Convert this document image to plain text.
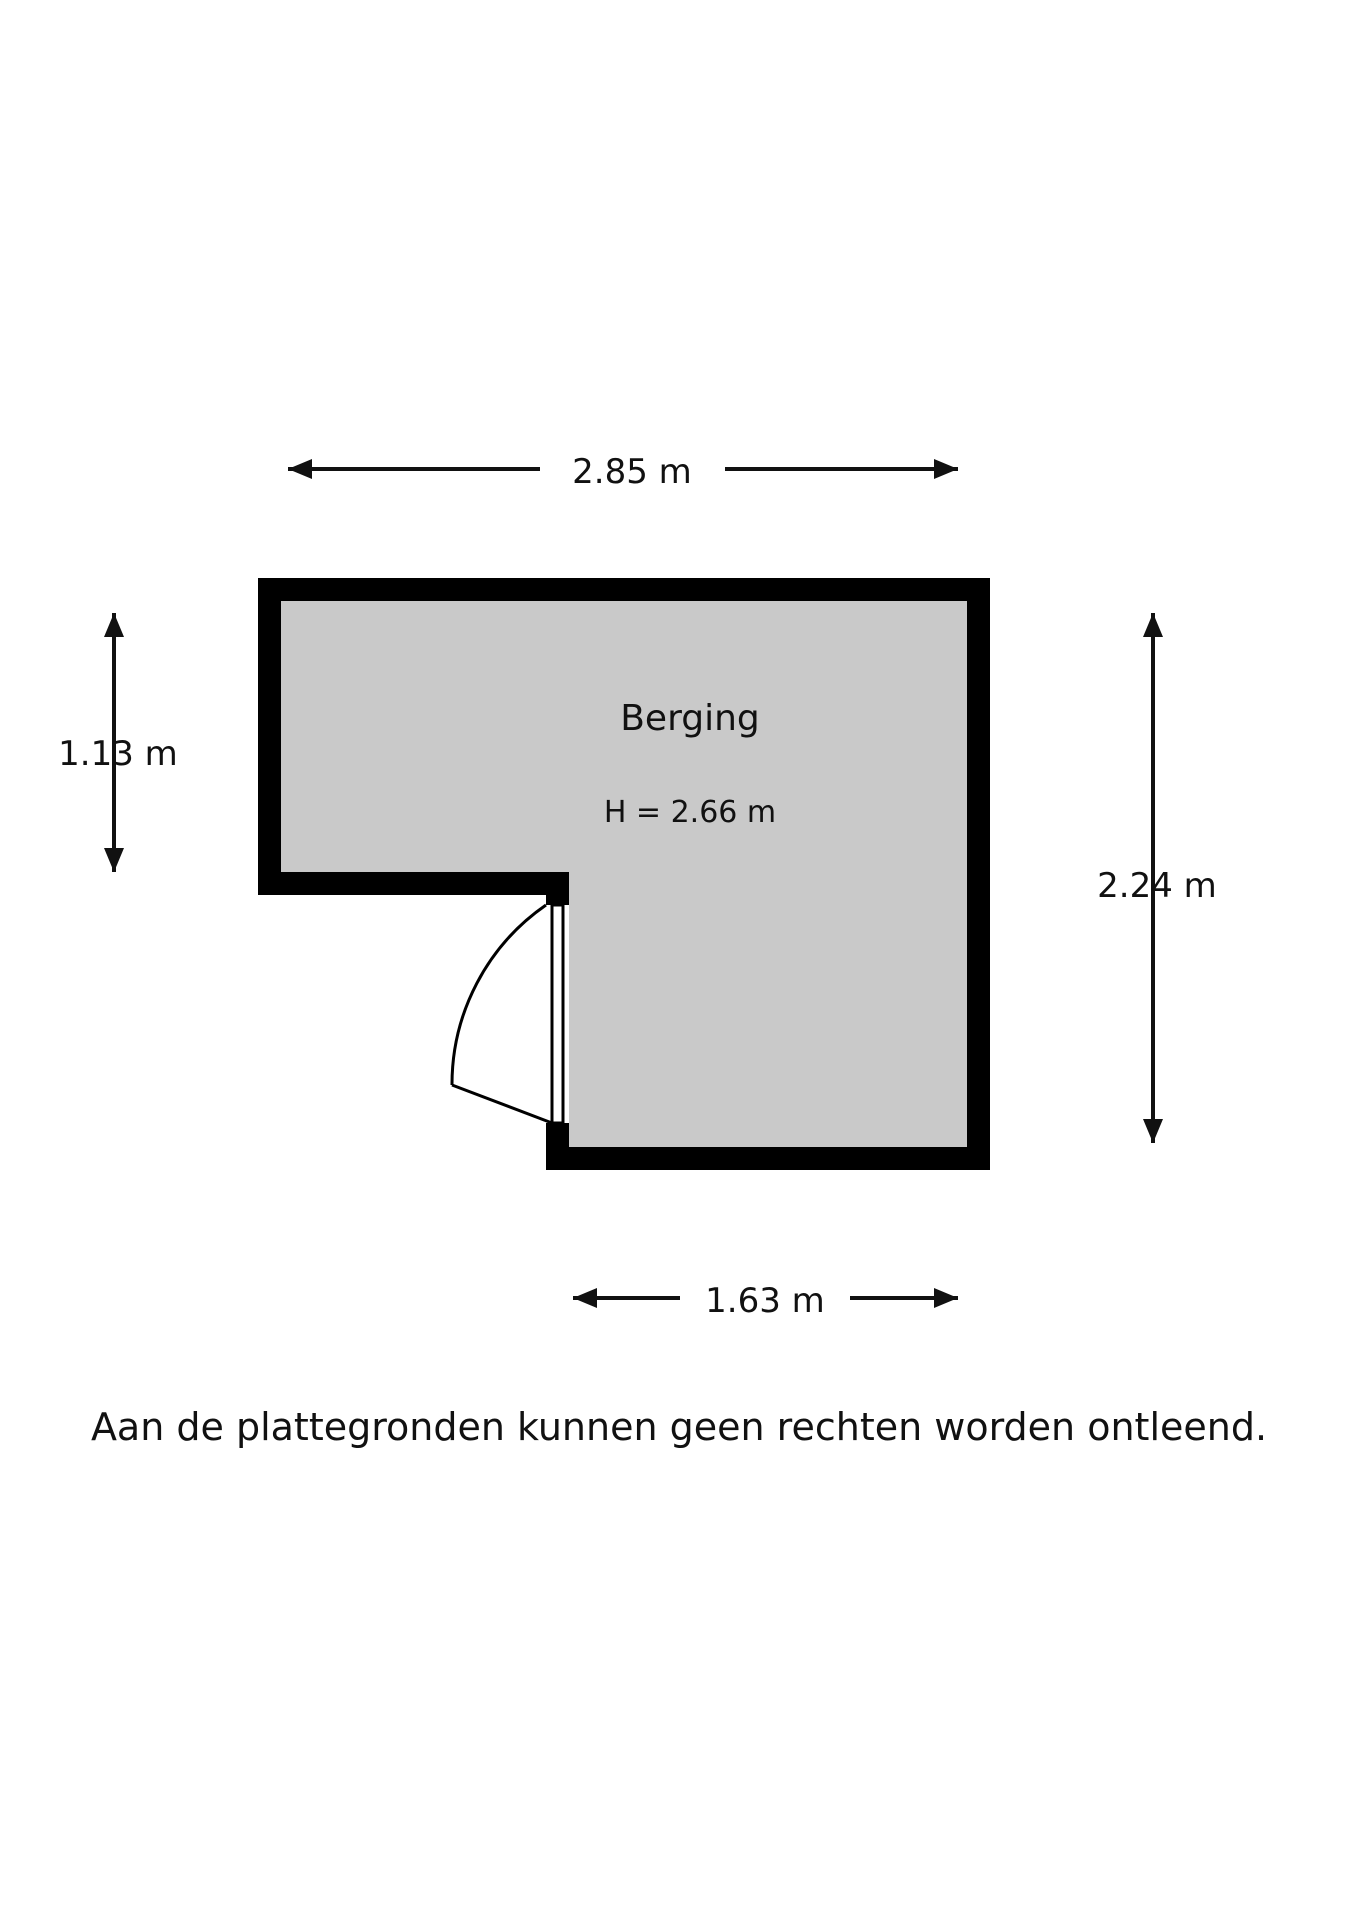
2.85 m
1.13 m
2.24 m
1.63 m
Berging
H = 2.66 m
Aan de plattegronden kunnen geen rechten worden ontleend.
